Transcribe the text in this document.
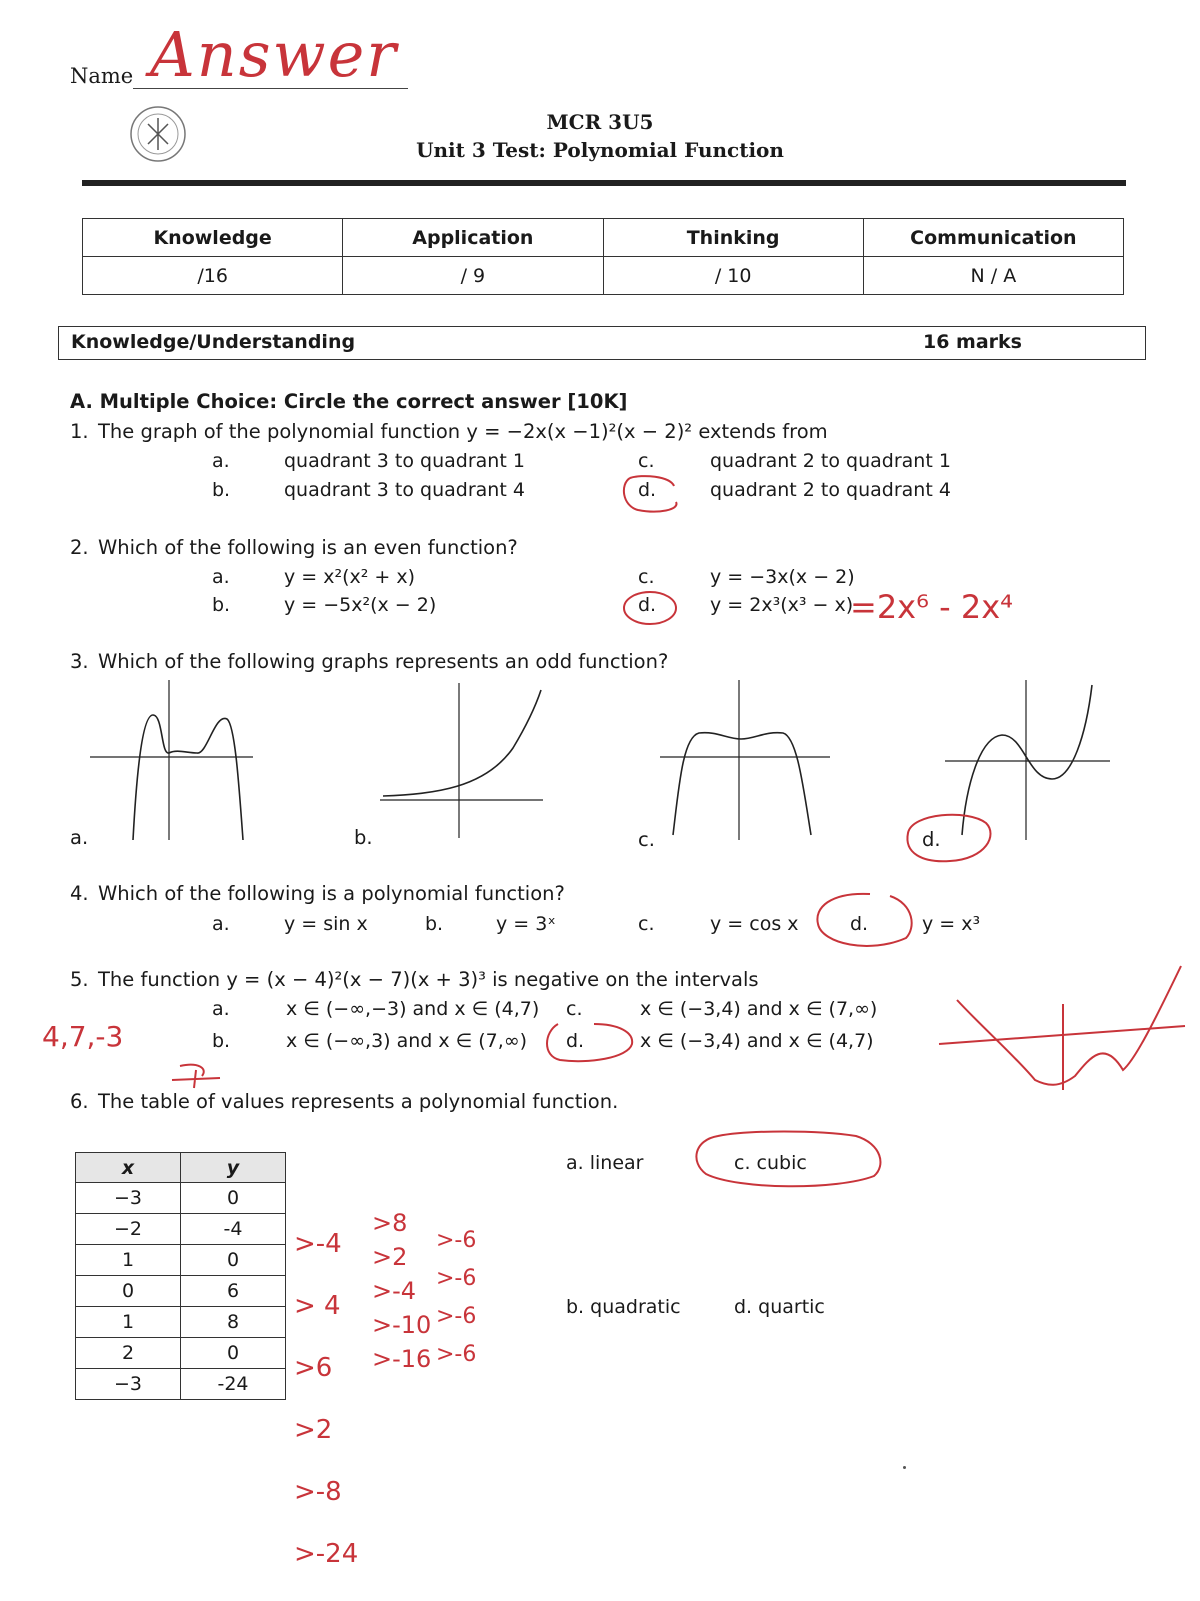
Name Answer
MCR 3U5
Unit 3 Test: Polynomial Function
Knowledge	Application	Thinking	Communication
/16	/ 9	/ 10	N / A
Knowledge/Understanding	16 marks
A. Multiple Choice: Circle the correct answer [10K]
1. The graph of the polynomial function y = −2x(x −1)²(x − 2)² extends from
a.	quadrant 3 to quadrant 1
b.	quadrant 3 to quadrant 4
c.	quadrant 2 to quadrant 1
d.	quadrant 2 to quadrant 4
2. Which of the following is an even function?
a.	y = x²(x² + x)
b.	y = −5x²(x − 2)
c.	y = −3x(x − 2)
d.	y = 2x³(x³ − x)
=2x⁶ - 2x⁴
3. Which of the following graphs represents an odd function?
a.	b.	c.	d.
4. Which of the following is a polynomial function?
a.	y = sin x	b.	y = 3ˣ	c.	y = cos x	d.	y = x³
5. The function y = (x − 4)²(x − 7)(x + 3)³ is negative on the intervals
a.	x ∈ (−∞,−3) and x ∈ (4,7)
b.	x ∈ (−∞,3) and x ∈ (7,∞)
c.	x ∈ (−3,4) and x ∈ (7,∞)
d.	x ∈ (−3,4) and x ∈ (4,7)
4,7,-3
6. The table of values represents a polynomial function.
x	y
−3	0
−2	-4
1	0
0	6
1	8
2	0
−3	-24

>-4

> 4

>6

>2

>-8

>-24

>8
>2
>-4
>-10
>-16
>-6
>-6
>-6
>-6
a. linear	c. cubic
b. quadratic	d. quartic
